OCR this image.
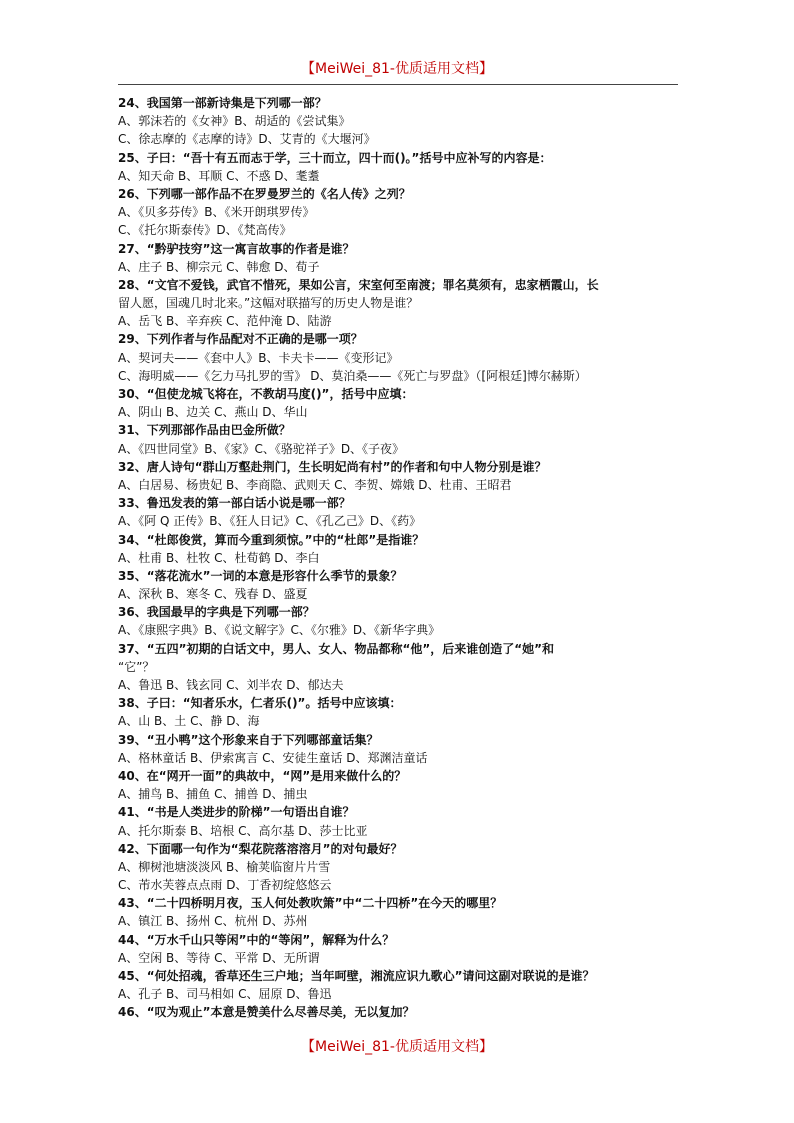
【MeiWei_81-优质适用文档】
24、我国第一部新诗集是下列哪一部？
A、郭沫若的《女神》B、胡适的《尝试集》
C、徐志摩的《志摩的诗》D、艾青的《大堰河》
25、子曰：“吾十有五而志于学，三十而立，四十而()。”括号中应补写的内容是：
A、知天命 B、耳顺 C、不惑 D、耄耋
26、下列哪一部作品不在罗曼罗兰的《名人传》之列？
A、《贝多芬传》B、《米开朗琪罗传》
C、《托尔斯泰传》D、《梵高传》
27、“黔驴技穷”这一寓言故事的作者是谁？
A、庄子 B、柳宗元 C、韩愈 D、荀子
28、“文官不爱钱，武官不惜死，果如公言，宋室何至南渡；罪名莫须有，忠家栖霞山，长
留人愿，国魂几时北来。”这幅对联描写的历史人物是谁？
A、岳飞 B、辛弃疾 C、范仲淹 D、陆游
29、下列作者与作品配对不正确的是哪一项？
A、契诃夫——《套中人》B、卡夫卡——《变形记》
C、海明威——《乞力马扎罗的雪》 D、莫泊桑——《死亡与罗盘》（[阿根廷]博尔赫斯）
30、“但使龙城飞将在，不教胡马度()”，括号中应填：
A、阴山 B、边关 C、燕山 D、华山
31、下列那部作品由巴金所做？
A、《四世同堂》B、《家》C、《骆驼祥子》D、《子夜》
32、唐人诗句“群山万壑赴荆门，生长明妃尚有村”的作者和句中人物分别是谁？
A、白居易、杨贵妃 B、李商隐、武则天 C、李贺、嫦娥 D、杜甫、王昭君
33、鲁迅发表的第一部白话小说是哪一部？
A、《阿 Q 正传》B、《狂人日记》C、《孔乙己》D、《药》
34、“杜郎俊赏，算而今重到须惊。”中的“杜郎”是指谁？
A、杜甫 B、杜牧 C、杜荀鹤 D、李白
35、“落花流水”一词的本意是形容什么季节的景象？
A、深秋 B、寒冬 C、残春 D、盛夏
36、我国最早的字典是下列哪一部？
A、《康熙字典》B、《说文解字》C、《尔雅》D、《新华字典》
37、“五四”初期的白话文中，男人、女人、物品都称“他”，后来谁创造了“她”和
“它”？
A、鲁迅 B、钱玄同 C、刘半农 D、郁达夫
38、子曰：“知者乐水，仁者乐()”。括号中应该填：
A、山 B、土 C、静 D、海
39、“丑小鸭”这个形象来自于下列哪部童话集？
A、格林童话 B、伊索寓言 C、安徒生童话 D、郑渊洁童话
40、在“网开一面”的典故中，“网”是用来做什么的？
A、捕鸟 B、捕鱼 C、捕兽 D、捕虫
41、“书是人类进步的阶梯”一句语出自谁？
A、托尔斯泰 B、培根 C、高尔基 D、莎士比亚
42、下面哪一句作为“梨花院落溶溶月”的对句最好？
A、柳树池塘淡淡风 B、榆荚临窗片片雪
C、芾水芙蓉点点雨 D、丁香初绽悠悠云
43、“二十四桥明月夜，玉人何处教吹箫”中“二十四桥”在今天的哪里？
A、镇江 B、扬州 C、杭州 D、苏州
44、“万水千山只等闲”中的“等闲”，解释为什么？
A、空闲 B、等待 C、平常 D、无所谓
45、“何处招魂，香草还生三户地；当年呵壁，湘流应识九歌心”请问这副对联说的是谁？
A、孔子 B、司马相如 C、屈原 D、鲁迅
46、“叹为观止”本意是赞美什么尽善尽美，无以复加？
【MeiWei_81-优质适用文档】
